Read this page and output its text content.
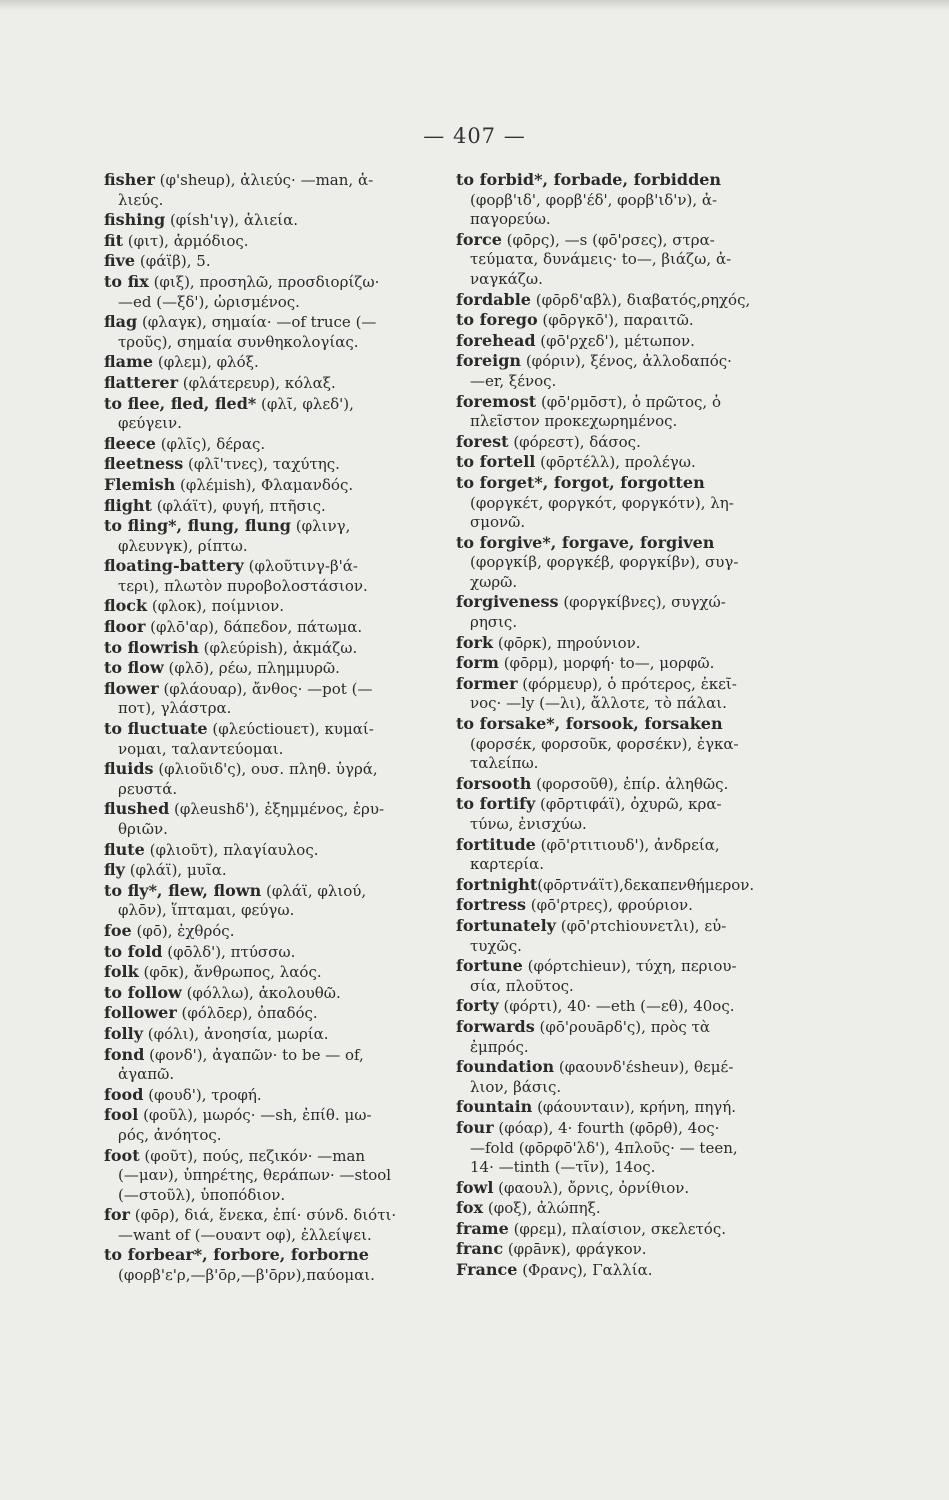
— 407 —
fisher (φ'sheuρ), ἁλιεύς· —man, ἁ-

λιεύς.
fishing (φίsh'ιγ), ἁλιεία.
fit (φιτ), ἁρμόδιος.
five (φάϊβ), 5.
to fix (φιξ), προσηλῶ, προσδιορίζω·

—ed (—ξδ'), ὡρισμένος.
flag (φλαγκ), σημαία· —of truce (—

τροῦς), σημαία συνθηκολογίας.
flame (φλεμ), φλόξ.
flatterer (φλάτερευρ), κόλαξ.
to flee, fled, fled* (φλῖ, φλεδ'),

φεύγειν.
fleece (φλῖς), δέρας.
fleetness (φλῖ'τνες), ταχύτης.
Flemish (φλέμish), Φλαμανδός.
flight (φλάϊτ), φυγή, πτῆσις.
to fling*, flung, flung (φλινγ,

φλευνγκ), ρίπτω.
floating-battery (φλοῦτινγ-β'ά-

τερι), πλωτὸν πυροβολοστάσιον.
flock (φλοκ), ποίμνιον.
floor (φλō'αρ), δάπεδον, πάτωμα.
to flowrish (φλεύρish), ἀκμάζω.
to flow (φλō), ρέω, πλημμυρῶ.
flower (φλάουαρ), ἄνθος· —pot (—

ποτ), γλάστρα.
to fluctuate (φλεύctiouετ), κυμαί-

νομαι, ταλαντεύομαι.
fluids (φλιοῦιδ'ς), ουσ. πληθ. ὑγρά,

ρευστά.
flushed (φλeushδ'), ἐξημμένος, ἐρυ-

θριῶν.
flute (φλιοῦτ), πλαγίαυλος.
fly (φλάϊ), μυῖα.
to fly*, flew, flown (φλάϊ, φλιού,

φλōν), ἵπταμαι, φεύγω.
foe (φō), ἐχθρός.
to fold (φōλδ'), πτύσσω.
folk (φōκ), ἄνθρωπος, λαός.
to follow (φόλλω), ἀκολουθῶ.
follower (φόλōερ), ὀπαδός.
folly (φόλι), ἀνοησία, μωρία.
fond (φονδ'), ἀγαπῶν· to be — of,

ἀγαπῶ.
food (φουδ'), τροφή.
fool (φοῦλ), μωρός· —sh, ἐπίθ. μω-

ρός, ἀνόητος.
foot (φοῦτ), πούς, πεζικόν· —man

(—μαν), ὑπηρέτης, θεράπων· —stool
(—στοῦλ), ὑποπόδιον.
for (φōρ), διά, ἕνεκα, ἐπί· σύνδ. διότι·

—want of (—ουαντ οφ), ἐλλείψει.
to forbear*, forbore, forborne

(φορβ'ε'ρ,—β'ōρ,—β'ōρν),παύομαι.
to forbid*, forbade, forbidden

(φορβ'ιδ', φορβ'έδ', φορβ'ιδ'ν), ἀ-
παγορεύω.
force (φōρς), —s (φō'ρσες), στρα-

τεύματα, δυνάμεις· to—, βιάζω, ἀ-
ναγκάζω.
fordable (φōρδ'αβλ), διαβατός,ρηχός,
to forego (φōργκō'), παραιτῶ.
forehead (φō'ρχεδ'), μέτωπον.
foreign (φόριν), ξένος, ἀλλοδαπός·

—er, ξένος.
foremost (φō'ρμōστ), ὁ πρῶτος, ὁ

πλεῖστον προκεχωρημένος.
forest (φόρεστ), δάσος.
to fortell (φōρτέλλ), προλέγω.
to forget*, forgot, forgotten

(φοργκέτ, φοργκότ, φοργκότν), λη-
σμονῶ.
to forgive*, forgave, forgiven

(φοργκίβ, φοργκέβ, φοργκίβν), συγ-
χωρῶ.
forgiveness (φοργκίβνες), συγχώ-

ρησις.
fork (φōρκ), πηρούνιον.
form (φōρμ), μορφή· to—, μορφῶ.
former (φόρμευρ), ὁ πρότερος, ἐκεῖ-

νος· —ly (—λι), ἄλλοτε, τὸ πάλαι.
to forsake*, forsook, forsaken

(φορσέκ, φορσοῦκ, φορσέκν), ἐγκα-
ταλείπω.
forsooth (φορσοῦθ), ἐπίρ. ἀληθῶς.
to fortify (φōρτιφάϊ), ὀχυρῶ, κρα-

τύνω, ἐνισχύω.
fortitude (φō'ρτιτιουδ'), ἀνδρεία,

καρτερία.
fortnight(φōρτνάϊτ),δεκαπενθήμερον.
fortress (φō'ρτρες), φρούριον.
fortunately (φō'ρτchiουνετλι), εὐ-

τυχῶς.
fortune (φόρτchieuν), τύχη, περιου-

σία, πλοῦτος.
forty (φόρτι), 40· —eth (—εθ), 40ος.
forwards (φō'ρουāρδ'ς), πρὸς τὰ

ἐμπρός.
foundation (φαουνδ'έsheuν), θεμέ-

λιον, βάσις.
fountain (φάουνταιν), κρήνη, πηγή.
four (φόαρ), 4· fourth (φōρθ), 4ος·

—fold (φōρφō'λδ'), 4πλοῦς· — teen,
14· —tinth (—τῖν), 14ος.
fowl (φαουλ), ὄρνις, ὀρνίθιον.
fox (φοξ), ἀλώπηξ.
frame (φρεμ), πλαίσιον, σκελετός.
franc (φρāνκ), φράγκον.
France (Φρανς), Γαλλία.
